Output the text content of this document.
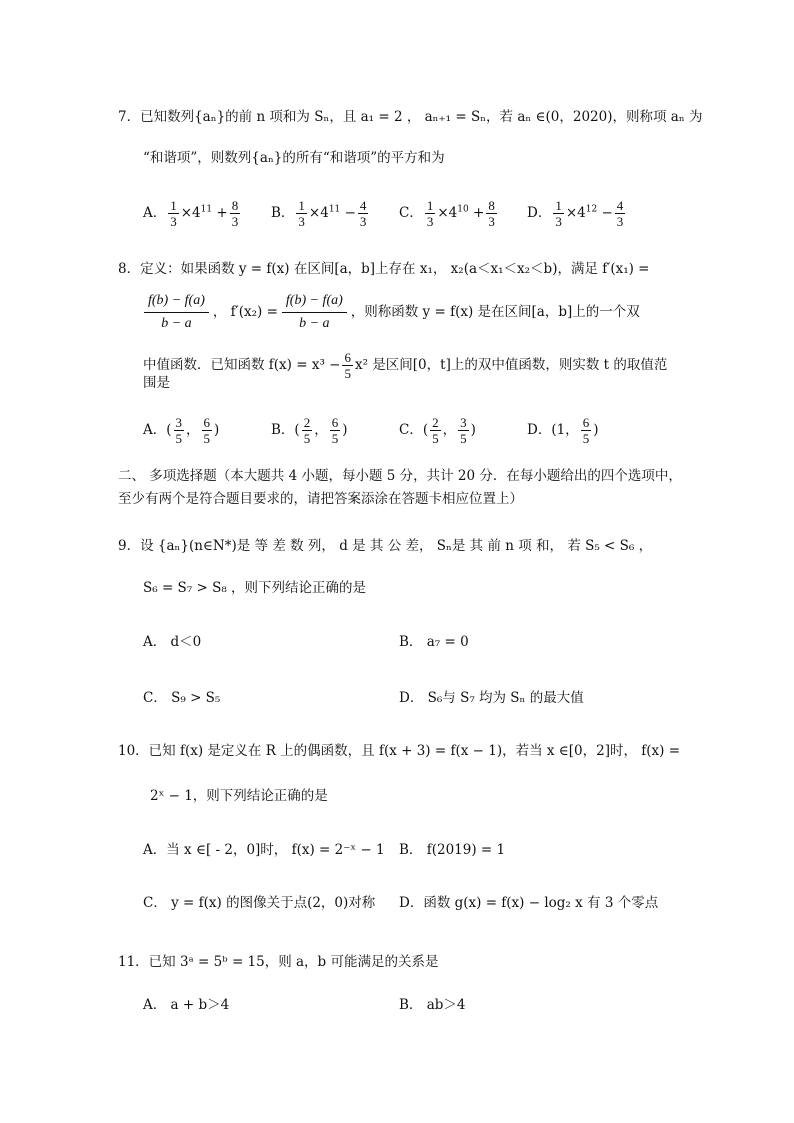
7．已知数列{aₙ}的前 n 项和为 Sₙ，且 a₁ = 2 ， aₙ₊₁ = Sₙ，若 aₙ ∈(0，2020)，则称项 aₙ 为
“和谐项”，则数列{aₙ}的所有“和谐项”的平方和为
A． $\frac{1}{3} \times 4^{11} + \frac{8}{3}$ B． $\frac{1}{3} \times 4^{11} - \frac{4}{3}$ C． $\frac{1}{3} \times 4^{10} + \frac{8}{3}$ D． $\frac{1}{3} \times 4^{12} - \frac{4}{3}$
8．定义：如果函数 y = f(x) 在区间[a，b]上存在 x₁， x₂(a＜x₁＜x₂＜b)，满足 f′(x₁) =
$\frac{f(b) - f(a)}{b - a}$ ， $f'(x_2) = \frac{f(b) - f(a)}{b - a}$ ，则称函数 y = f(x) 是在区间[a，b]上的一个双
中值函数．已知函数 $f(x) = x^3 - \frac{6}{5} x^2$ 是区间[0，t]上的双中值函数，则实数 t 的取值范
围是
A．( $\frac{3}{5}$ ， $\frac{6}{5}$ )	B．( $\frac{2}{5}$ ， $\frac{6}{5}$ )	C．( $\frac{2}{5}$ ， $\frac{3}{5}$ )	D．(1， $\frac{6}{5}$ )
二、 多项选择题（本大题共 4 小题，每小题 5 分，共计 20 分．在每小题给出的四个选项中，
至少有两个是符合题目要求的，请把答案添涂在答题卡相应位置上）
9．设 {aₙ}(n∈N*)是 等 差 数 列， d 是 其 公 差， Sₙ是 其 前 n 项 和， 若 S₅ < S₆ ，
S₆ = S₇ > S₈ ，则下列结论正确的是
A． d＜0	B． a₇ = 0
C． S₉ > S₅	D． S₆与 S₇ 均为 Sₙ 的最大值
10．已知 f(x) 是定义在 R 上的偶函数，且 f(x + 3) = f(x − 1)，若当 x ∈[0，2]时， f(x) =
2ˣ − 1，则下列结论正确的是
A．当 x ∈[ - 2，0]时， f(x) = 2⁻ˣ − 1 B． f(2019) = 1
C． y = f(x) 的图像关于点(2，0)对称 D．函数 g(x) = f(x) − log₂ x 有 3 个零点
11．已知 3ᵃ = 5ᵇ = 15，则 a，b 可能满足的关系是
A． a + b＞4	B． ab＞4
